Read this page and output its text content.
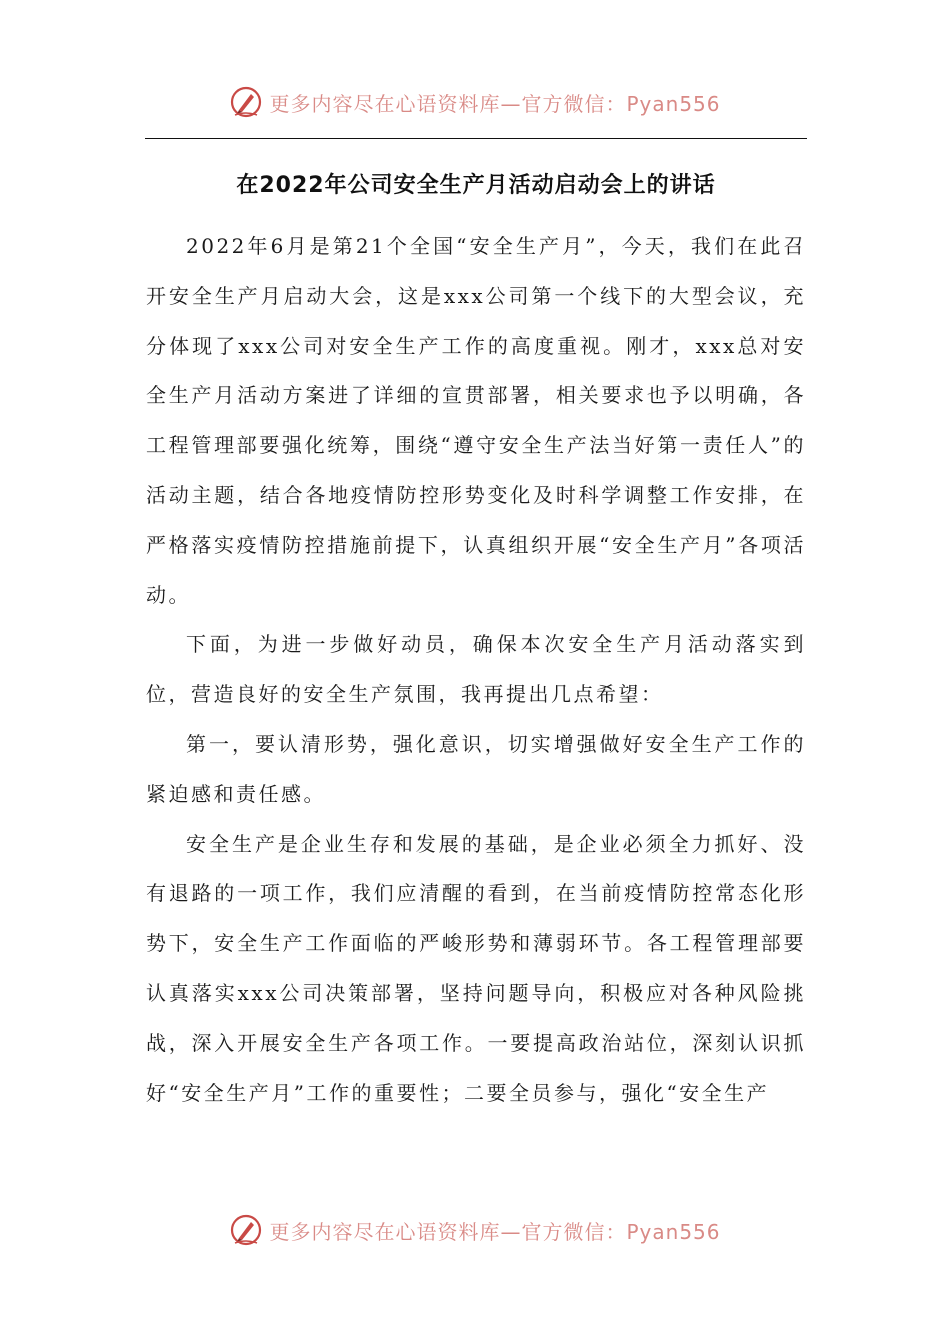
更多内容尽在心语资料库—官方微信：Pyan556
在2022年公司安全生产月活动启动会上的讲话

2022年6月是第21个全国“安全生产月”，今天，我们在此召开安全生产月启动大会，这是xxx公司第一个线下的大型会议，充分体现了xxx公司对安全生产工作的高度重视。刚才，xxx总对安全生产月活动方案进了详细的宣贯部署，相关要求也予以明确，各工程管理部要强化统筹，围绕“遵守安全生产法当好第一责任人”的活动主题，结合各地疫情防控形势变化及时科学调整工作安排，在严格落实疫情防控措施前提下，认真组织开展“安全生产月”各项活动。

下面，为进一步做好动员，确保本次安全生产月活动落实到位，营造良好的安全生产氛围，我再提出几点希望：

第一，要认清形势，强化意识，切实增强做好安全生产工作的紧迫感和责任感。

安全生产是企业生存和发展的基础，是企业必须全力抓好、没有退路的一项工作，我们应清醒的看到，在当前疫情防控常态化形势下，安全生产工作面临的严峻形势和薄弱环节。各工程管理部要认真落实xxx公司决策部署，坚持问题导向，积极应对各种风险挑战，深入开展安全生产各项工作。一要提高政治站位，深刻认识抓好“安全生产月”工作的重要性；二要全员参与，强化“安全生产

更多内容尽在心语资料库—官方微信：Pyan556
